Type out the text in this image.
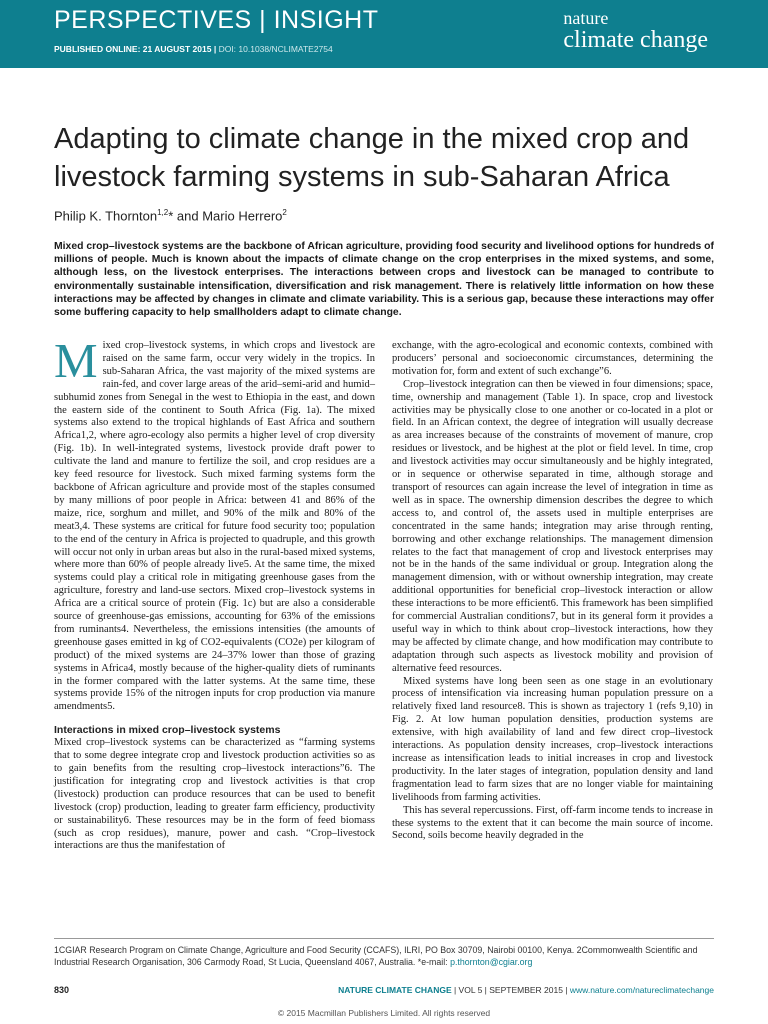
PERSPECTIVES | INSIGHT
PUBLISHED ONLINE: 21 AUGUST 2015 | DOI: 10.1038/NCLIMATE2754
nature
climate change
Adapting to climate change in the mixed crop and livestock farming systems in sub-Saharan Africa
Philip K. Thornton$^{1,2}$* and Mario Herrero$^2$

Mixed crop–livestock systems are the backbone of African agriculture, providing food security and livelihood options for hundreds of millions of people. Much is known about the impacts of climate change on the crop enterprises in the mixed systems, and some, although less, on the livestock enterprises. The interactions between crops and livestock can be managed to contribute to environmentally sustainable intensification, diversification and risk management. There is relatively little information on how these interactions may be affected by changes in climate and climate variability. This is a serious gap, because these interactions may offer some buffering capacity to help smallholders adapt to climate change.

Mixed crop–livestock systems, in which crops and livestock are raised on the same farm, occur very widely in the tropics. In sub-Saharan Africa, the vast majority of the mixed systems are rain-fed, and cover large areas of the arid–semi-arid and humid–subhumid zones from Senegal in the west to Ethiopia in the east, and down the eastern side of the continent to South Africa (Fig. 1a). The mixed systems also extend to the tropical highlands of East Africa and southern Africa1,2, where agro-ecology also permits a higher level of crop diversity (Fig. 1b). In well-integrated systems, livestock provide draft power to cultivate the land and manure to fertilize the soil, and crop residues are a key feed resource for livestock. Such mixed farming systems form the backbone of African agriculture and provide most of the staples consumed by many millions of poor people in Africa: between 41 and 86% of the maize, rice, sorghum and millet, and 90% of the milk and 80% of the meat3,4. These systems are critical for future food security too; population to the end of the century in Africa is projected to quadruple, and this growth will occur not only in urban areas but also in the rural-based mixed systems, where more than 60% of people already live5. At the same time, the mixed systems could play a critical role in mitigating greenhouse gases from the agriculture, forestry and land-use sectors. Mixed crop–livestock systems in Africa are a critical source of protein (Fig. 1c) but are also a considerable source of greenhouse-gas emissions, accounting for 63% of the emissions from ruminants4. Nevertheless, the emissions intensities (the amounts of greenhouse gases emitted in kg of CO2-equivalents (CO2e) per kilogram of product) of the mixed systems are 24–37% lower than those of grazing systems in Africa4, mostly because of the higher-quality diets of ruminants in the former compared with the latter systems. At the same time, these systems provide 15% of the nitrogen inputs for crop production via manure amendments5.

Interactions in mixed crop–livestock systems

Mixed crop–livestock systems can be characterized as “farming systems that to some degree integrate crop and livestock production activities so as to gain benefits from the resulting crop–livestock interactions”6. The justification for integrating crop and livestock activities is that crop (livestock) production can produce resources that can be used to benefit livestock (crop) production, leading to greater farm efficiency, productivity or sustainability6. These resources may be in the form of feed biomass (such as crop residues), manure, power and cash. “Crop–livestock interactions are thus the manifestation of

exchange, with the agro-ecological and economic contexts, combined with producers’ personal and socioeconomic circumstances, determining the motivation for, form and extent of such exchange”6.

Crop–livestock integration can then be viewed in four dimensions; space, time, ownership and management (Table 1). In space, crop and livestock activities may be physically close to one another or co-located in a plot or field. In an African context, the degree of integration will usually decrease as area increases because of the constraints of movement of manure, crop residues or livestock, and be highest at the plot or field level. In time, crop and livestock activities may occur simultaneously and be highly integrated, or in sequence or otherwise separated in time, although storage and transport of resources can again increase the level of integration in time as well as in space. The ownership dimension describes the degree to which access to, and control of, the assets used in multiple enterprises are concentrated in the same hands; integration may arise through renting, borrowing and other exchange relationships. The management dimension relates to the fact that management of crop and livestock enterprises may not be in the hands of the same individual or group. Integration along the management dimension, with or without ownership integration, may create additional opportunities for beneficial crop–livestock interaction or allow these interactions to be more efficient6. This framework has been simplified for commercial Australian conditions7, but in its general form it provides a useful way in which to think about crop–livestock interactions, how they may be affected by climate change, and how modification may contribute to adaptation through such aspects as livestock mobility and provision of alternative feed resources.

Mixed systems have long been seen as one stage in an evolutionary process of intensification via increasing human population pressure on a relatively fixed land resource8. This is shown as trajectory 1 (refs 9,10) in Fig. 2. At low human population densities, production systems are extensive, with high availability of land and few direct crop–livestock interactions. As population density increases, crop–livestock interactions increase as intensification leads to initial increases in crop and livestock productivity. In the later stages of integration, population density and land fragmentation lead to farm sizes that are no longer viable for maintaining livelihoods from farming activities.

This has several repercussions. First, off-farm income tends to increase in these systems to the extent that it can become the main source of income. Second, soils become heavily degraded in the

1CGIAR Research Program on Climate Change, Agriculture and Food Security (CCAFS), ILRI, PO Box 30709, Nairobi 00100, Kenya. 2Commonwealth Scientific and Industrial Research Organisation, 306 Carmody Road, St Lucia, Queensland 4067, Australia. *e-mail: p.thornton@cgiar.org

830	NATURE CLIMATE CHANGE | VOL 5 | SEPTEMBER 2015 | www.nature.com/natureclimatechange
© 2015 Macmillan Publishers Limited. All rights reserved
